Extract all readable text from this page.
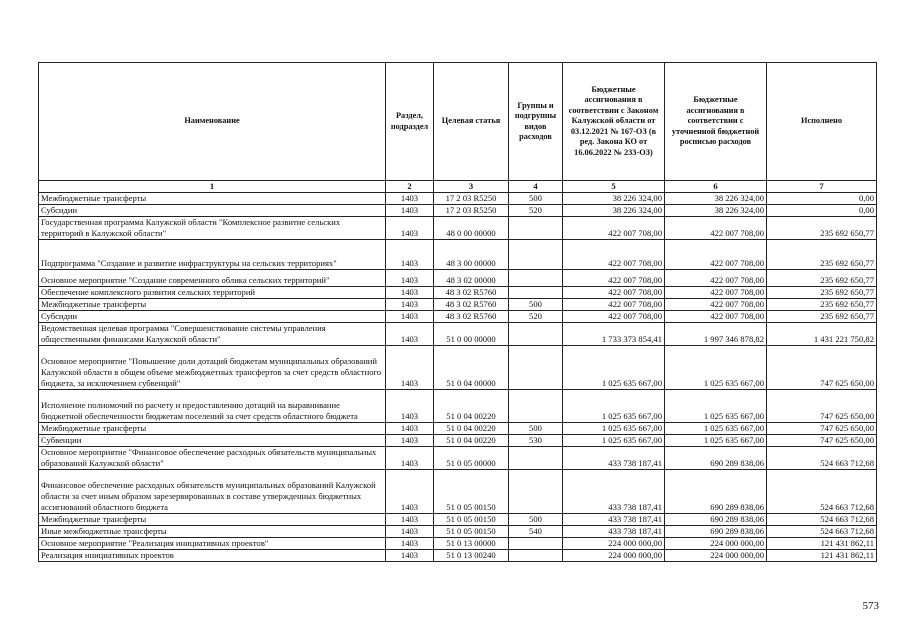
Наименование	Раздел, подраздел	Целевая статья	Группы и подгруппы видов расходов	Бюджетные ассигнования в соответствии с Законом Калужской области от 03.12.2021 № 167-ОЗ (в ред. Закона КО от 16.06.2022 № 233-ОЗ)	Бюджетные ассигнования в соответствии с уточненной бюджетной росписью расходов	Исполнено
1	2	3	4	5	6	7
Межбюджетные трансферты	1403	17 2 03 R5250	500	38 226 324,00	38 226 324,00	0,00
Субсидии	1403	17 2 03 R5250	520	38 226 324,00	38 226 324,00	0,00
Государственная программа Калужской области "Комплексное развитие сельских территорий в Калужской области"	1403	48 0 00 00000		422 007 708,00	422 007 708,00	235 692 650,77
Подпрограмма "Создание и развитие инфраструктуры на сельских территориях"	1403	48 3 00 00000		422 007 708,00	422 007 708,00	235 692 650,77
Основное мероприятие "Создание современного облика сельских территорий"	1403	48 3 02 00000		422 007 708,00	422 007 708,00	235 692 650,77
Обеспечение комплексного развития сельских территорий	1403	48 3 02 R5760		422 007 708,00	422 007 708,00	235 692 650,77
Межбюджетные трансферты	1403	48 3 02 R5760	500	422 007 708,00	422 007 708,00	235 692 650,77
Субсидии	1403	48 3 02 R5760	520	422 007 708,00	422 007 708,00	235 692 650,77
Ведомственная целевая программа "Совершенствование системы управления общественными финансами Калужской области"	1403	51 0 00 00000		1 733 373 854,41	1 997 346 878,82	1 431 221 750,82
Основное мероприятие "Повышение доли дотаций бюджетам муниципальных образований Калужской области в общем объеме межбюджетных трансфертов за счет средств областного бюджета, за исключением субвенций"	1403	51 0 04 00000		1 025 635 667,00	1 025 635 667,00	747 625 650,00
Исполнение полномочий по расчету и предоставлению дотаций на выравнивание бюджетной обеспеченности бюджетам поселений за счет средств областного бюджета	1403	51 0 04 00220		1 025 635 667,00	1 025 635 667,00	747 625 650,00
Межбюджетные трансферты	1403	51 0 04 00220	500	1 025 635 667,00	1 025 635 667,00	747 625 650,00
Субвенции	1403	51 0 04 00220	530	1 025 635 667,00	1 025 635 667,00	747 625 650,00
Основное мероприятие "Финансовое обеспечение расходных обязательств муниципальных образований Калужской области"	1403	51 0 05 00000		433 738 187,41	690 289 838,06	524 663 712,68
Финансовое обеспечение расходных обязательств муниципальных образований Калужской области за счет иным образом зарезервированных в составе утвержденных бюджетных ассигнований областного бюджета	1403	51 0 05 00150		433 738 187,41	690 289 838,06	524 663 712,68
Межбюджетные трансферты	1403	51 0 05 00150	500	433 738 187,41	690 289 838,06	524 663 712,68
Иные межбюджетные трансферты	1403	51 0 05 00150	540	433 738 187,41	690 289 838,06	524 663 712,68
Основное мероприятие "Реализация инициативных проектов"	1403	51 0 13 00000		224 000 000,00	224 000 000,00	121 431 862,11
Реализация инициативных проектов	1403	51 0 13 00240		224 000 000,00	224 000 000,00	121 431 862,11
573
